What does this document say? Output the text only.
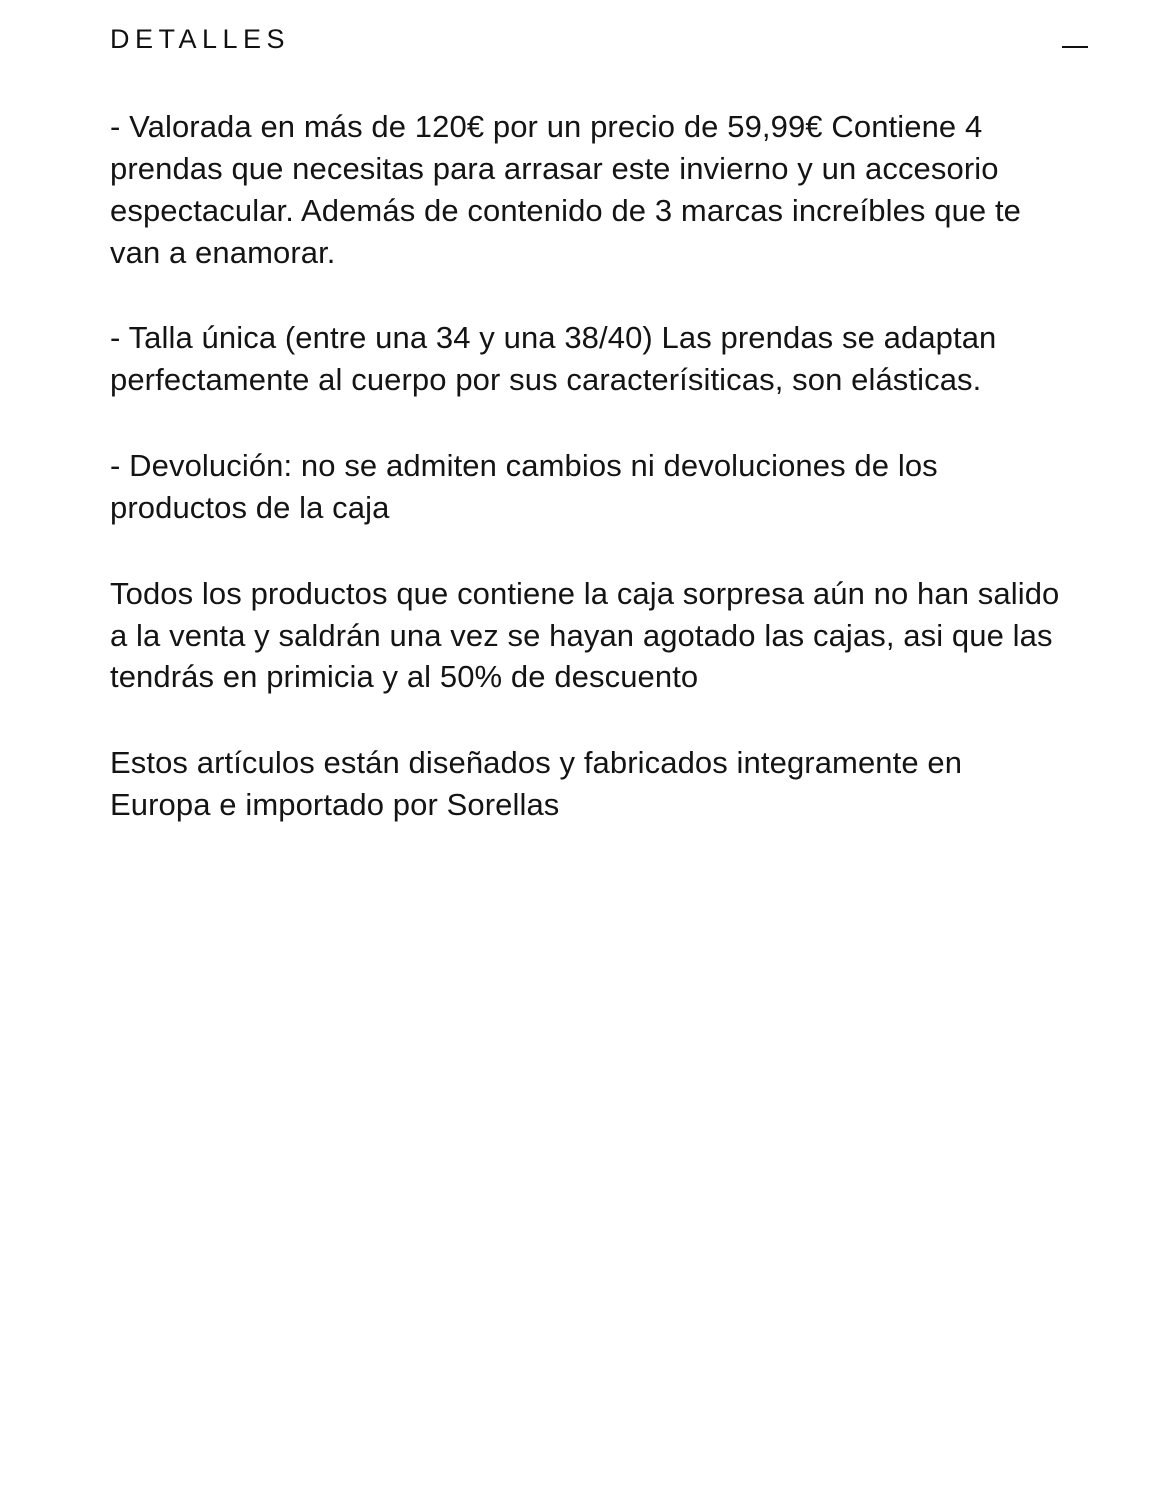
DETALLES

- Valorada en más de 120€ por un precio de 59,99€ Contiene 4 prendas que necesitas para arrasar este invierno y un accesorio espectacular. Además de contenido de 3 marcas increíbles que te van a enamorar.

- Talla única (entre una 34 y una 38/40) Las prendas se adaptan perfectamente al cuerpo por sus caracterísiticas, son elásticas.

- Devolución: no se admiten cambios ni devoluciones de los productos de la caja

Todos los productos que contiene la caja sorpresa aún no han salido a la venta y saldrán una vez se hayan agotado las cajas, asi que las tendrás en primicia y al 50% de descuento

Estos artículos están diseñados y fabricados integramente en Europa e importado por Sorellas
